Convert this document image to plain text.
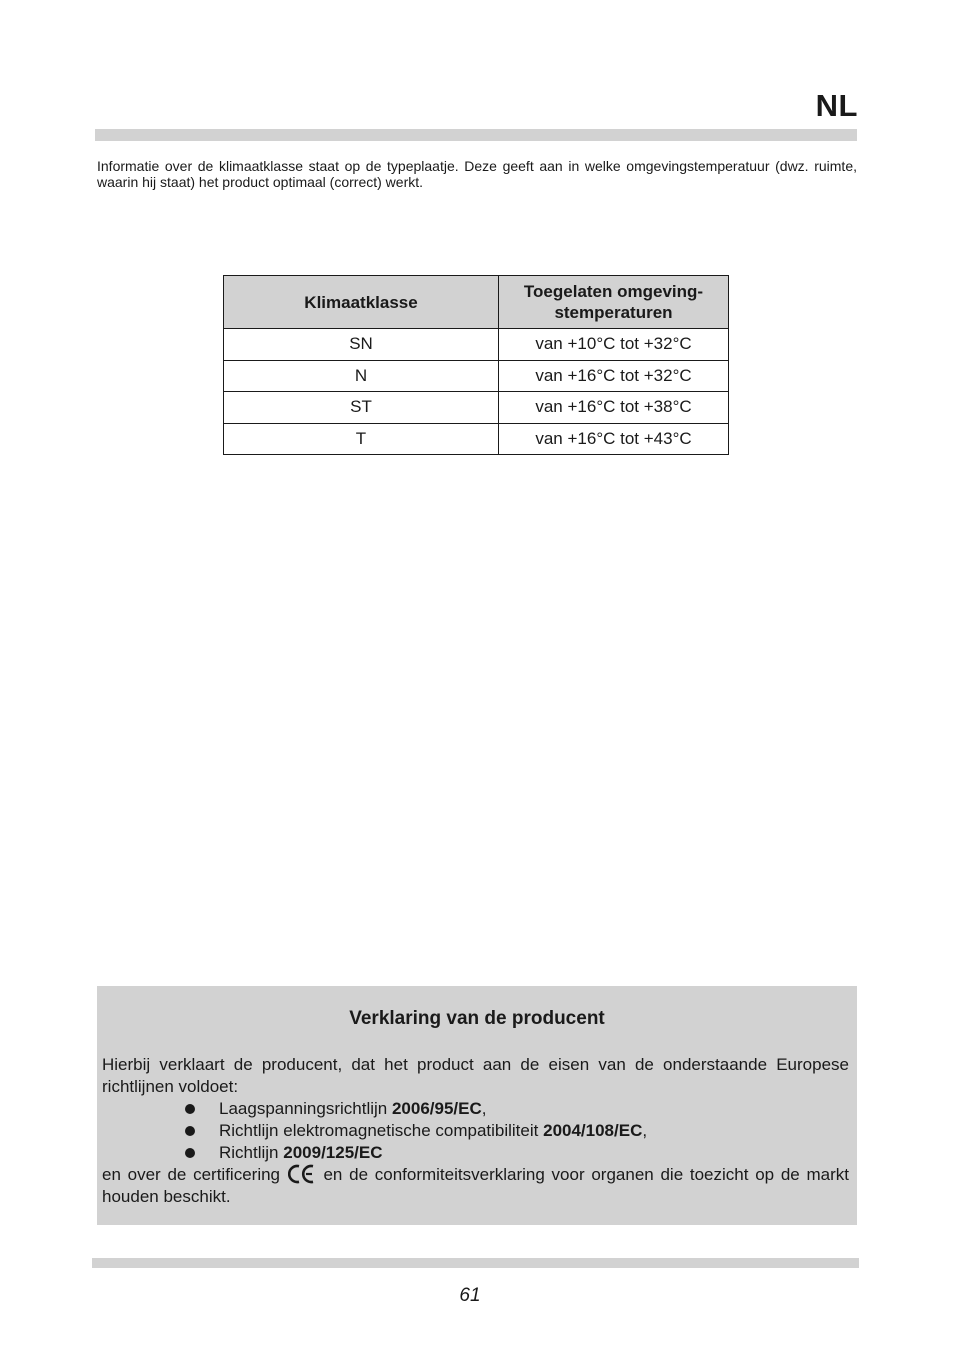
NL

Informatie over de klimaatklasse staat op de typeplaatje. Deze geeft aan in welke omgevingstemperatuur (dwz. ruimte, waarin hij staat) het product optimaal (correct) werkt.

Klimaatklasse	Toegelaten omgeving-stemperaturen
SN	van +10°C tot +32°C
N	van +16°C tot +32°C
ST	van +16°C tot +38°C
T	van +16°C tot +43°C
Verklaring van de producent

Hierbij verklaart de producent, dat het product aan de eisen van de onderstaande Europese richtlijnen voldoet:

Laagspanningsrichtlijn 2006/95/EC,
Richtlijn elektromagnetische compatibiliteit 2004/108/EC,
Richtlijn 2009/125/EC

en over de certificering	en de conformiteitsverklaring voor organen die toezicht op de markt houden beschikt.

61
